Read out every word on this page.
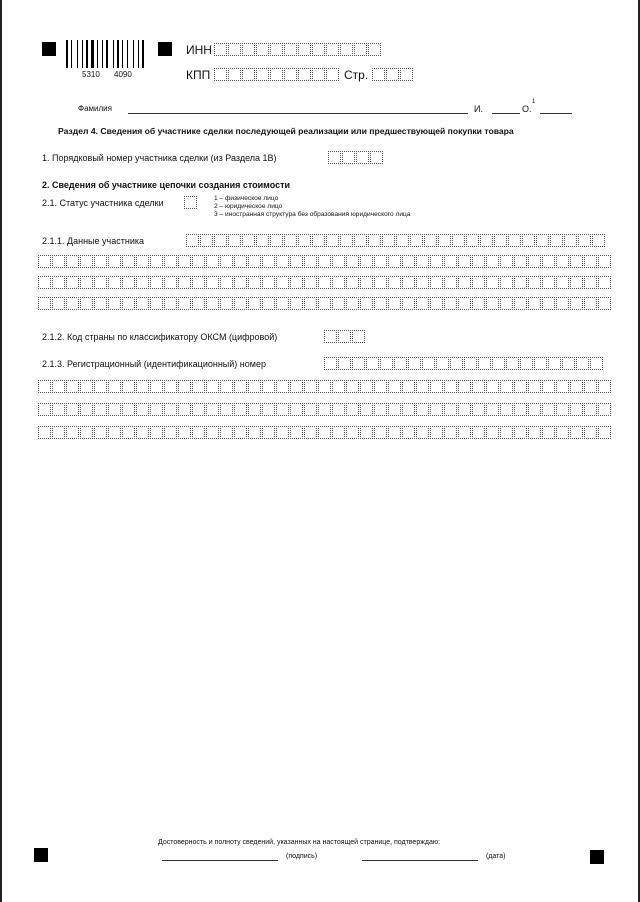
5310 4090
ИНН
КПП	Стр.
Фамилия	И.	О.
1
Раздел 4. Сведения об участнике сделки последующей реализации или предшествующей покупки товара
1. Порядковый номер участника сделки (из Раздела 1В)
2. Сведения об участнике цепочки создания стоимости
2.1. Статус участника сделки	1 – физическое лицо
2 – юридическое лицо
3 – иностранная структура без образования юридического лица
2.1.1. Данные участника
2.1.2. Код страны по классификатору ОКСМ (цифровой)
2.1.3. Регистрационный (идентификационный) номер
Достоверность и полноту сведений, указанных на настоящей странице, подтверждаю:
(подпись)	(дата)
